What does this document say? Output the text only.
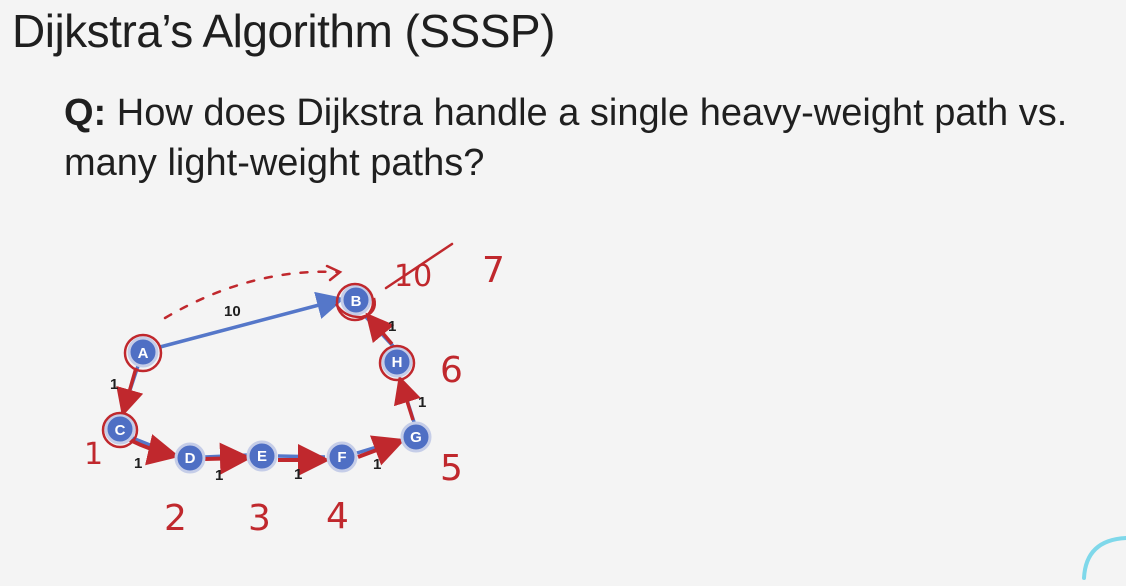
Dijkstra’s Algorithm (SSSP)
Q: How does Dijkstra handle a single heavy-weight path vs. many light-weight paths?
10
1
1
1	1
1
1
1
A
B
C
D	E	F
G
H
1
2 3 4
5
6
10 7
